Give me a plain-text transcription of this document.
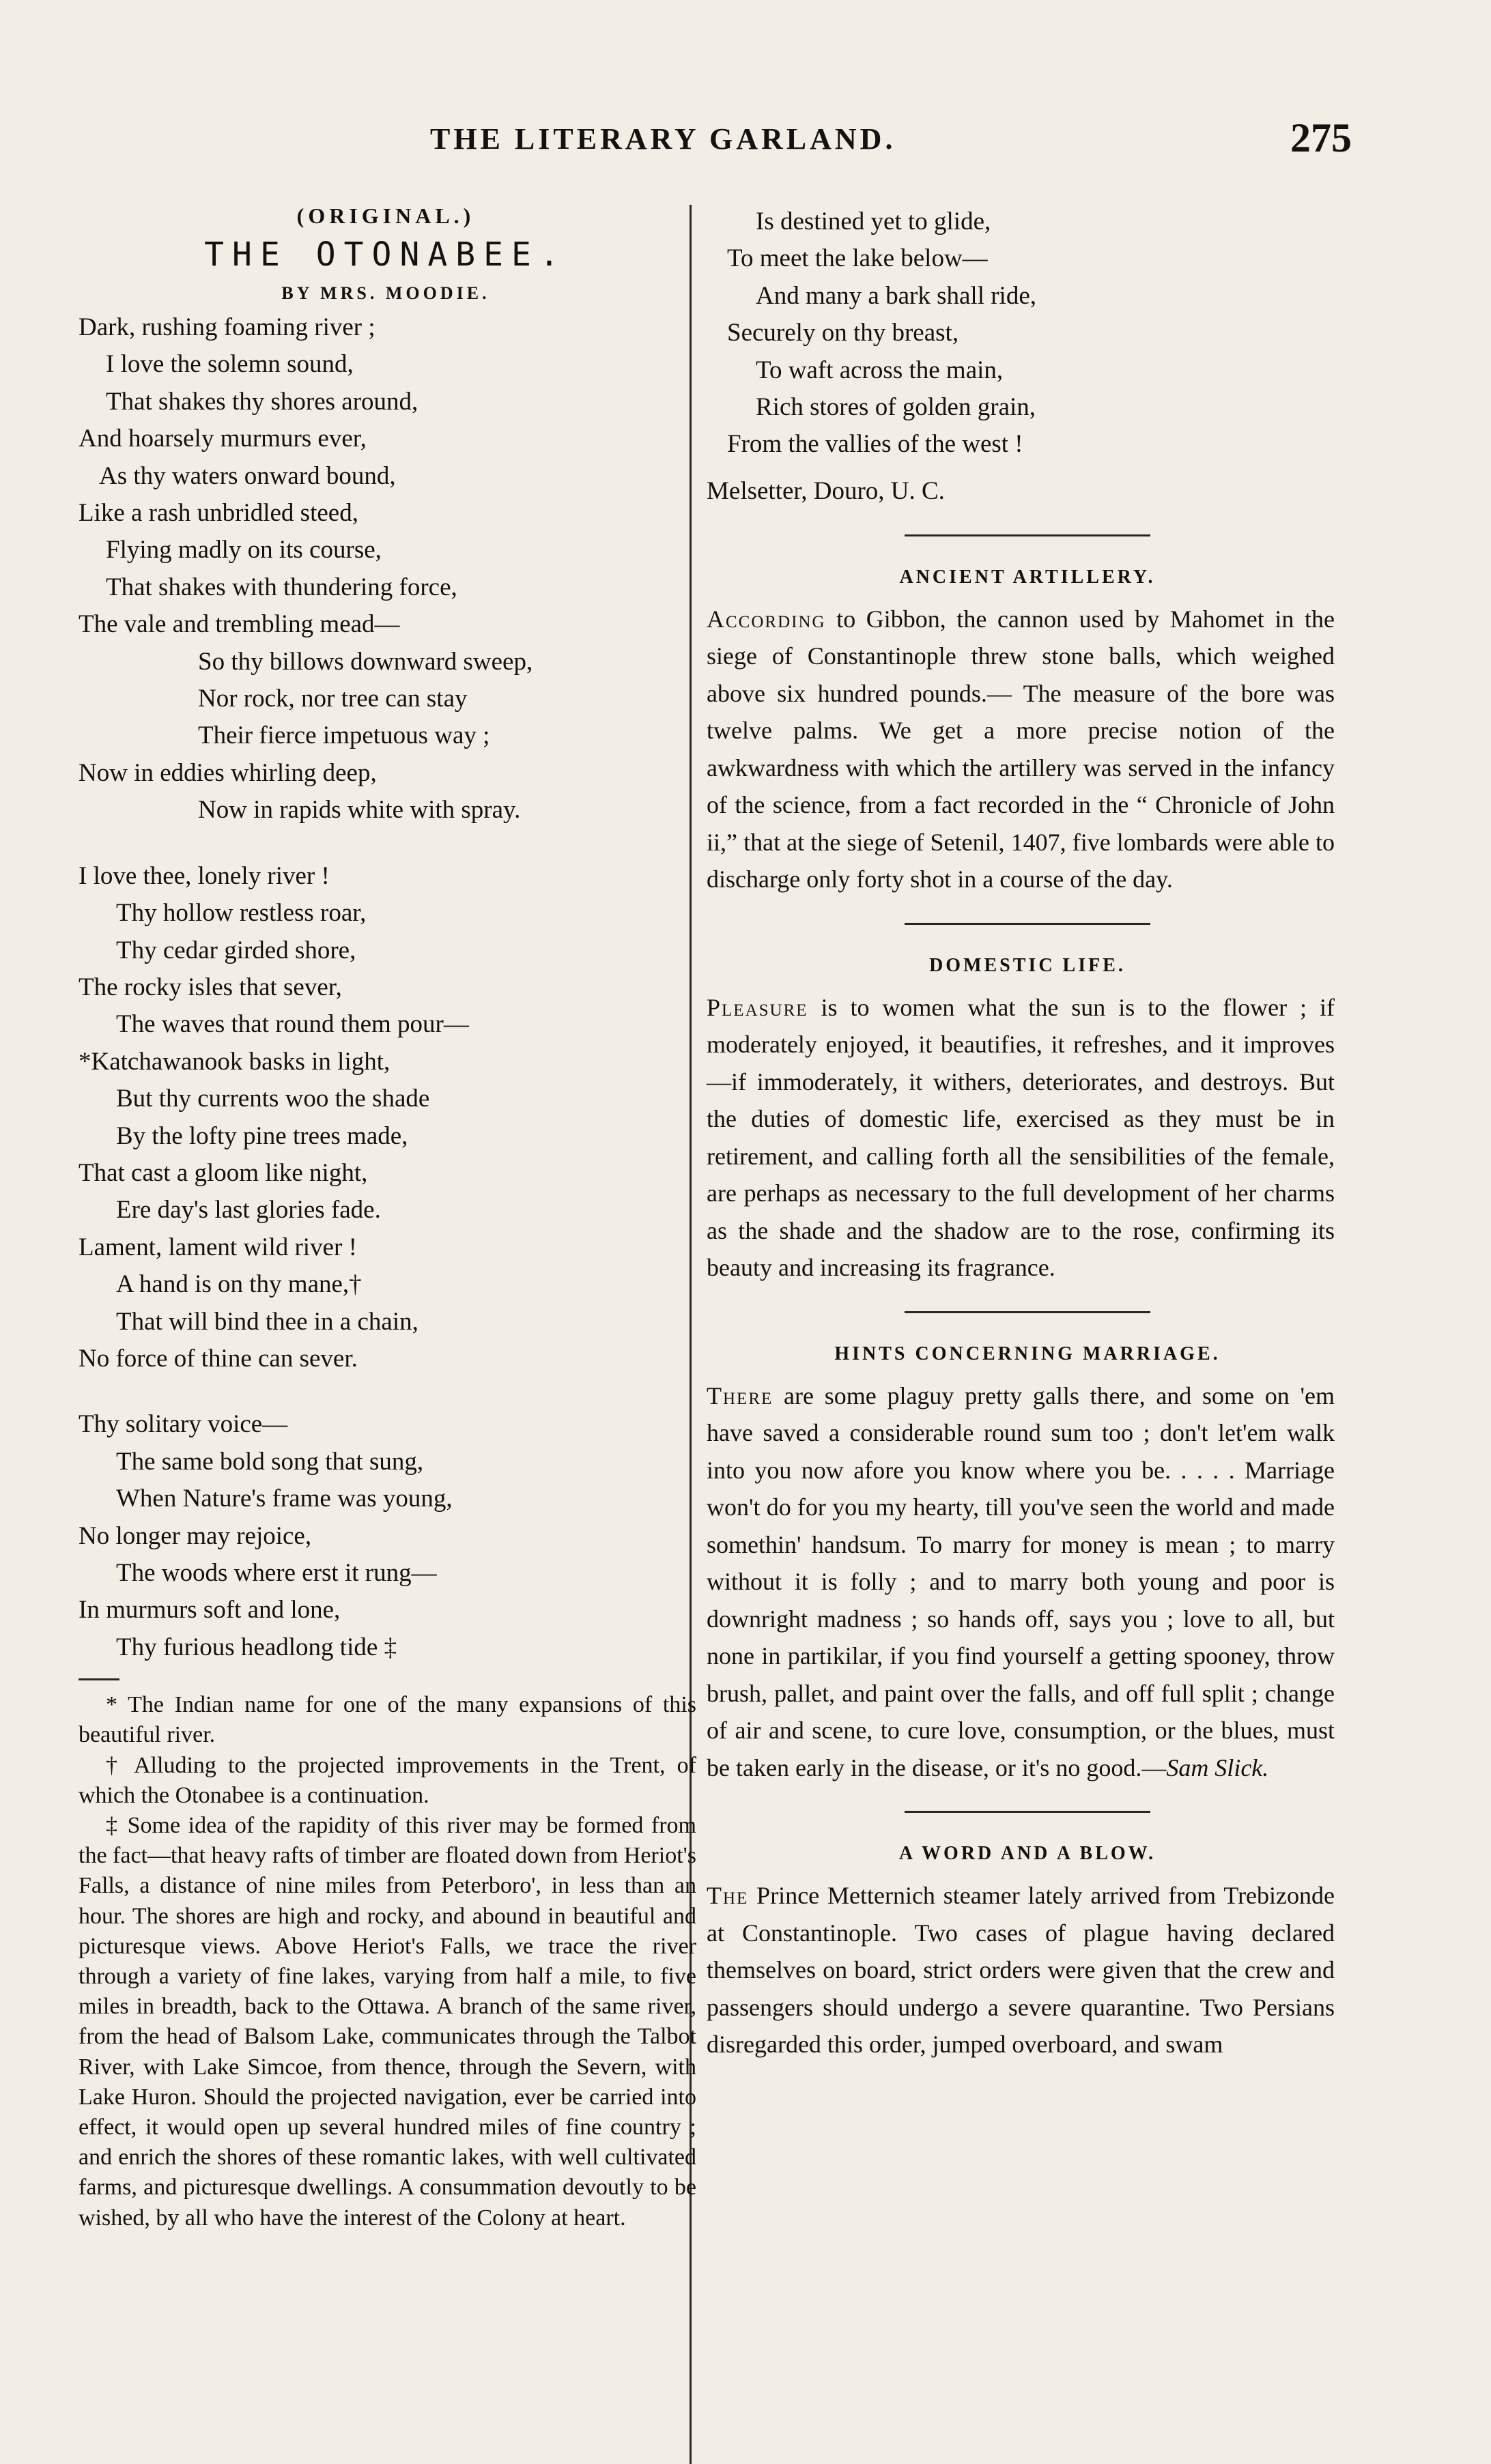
THE LITERARY GARLAND.	275
(ORIGINAL.)
THE OTONABEE.
BY MRS. MOODIE.
Dark, rushing foaming river ;
I love the solemn sound,
That shakes thy shores around,
And hoarsely murmurs ever,
As thy waters onward bound,
Like a rash unbridled steed,
Flying madly on its course,
That shakes with thundering force,
The vale and trembling mead—
So thy billows downward sweep,
Nor rock, nor tree can stay
Their fierce impetuous way ;
Now in eddies whirling deep,
Now in rapids white with spray.
I love thee, lonely river !
Thy hollow restless roar,
Thy cedar girded shore,
The rocky isles that sever,
The waves that round them pour—
*Katchawanook basks in light,
But thy currents woo the shade
By the lofty pine trees made,
That cast a gloom like night,
Ere day's last glories fade.
Lament, lament wild river !
A hand is on thy mane,†
That will bind thee in a chain,
No force of thine can sever.
Thy solitary voice—
The same bold song that sung,
When Nature's frame was young,
No longer may rejoice,
The woods where erst it rung—
In murmurs soft and lone,
Thy furious headlong tide ‡
* The Indian name for one of the many expansions of this beautiful river.
† Alluding to the projected improvements in the Trent, of which the Otonabee is a continuation.
‡ Some idea of the rapidity of this river may be formed from the fact—that heavy rafts of timber are floated down from Heriot's Falls, a distance of nine miles from Peterboro', in less than an hour. The shores are high and rocky, and abound in beautiful and picturesque views. Above Heriot's Falls, we trace the river through a variety of fine lakes, varying from half a mile, to five miles in breadth, back to the Ottawa. A branch of the same river, from the head of Balsom Lake, communicates through the Talbot River, with Lake Simcoe, from thence, through the Severn, with Lake Huron. Should the projected navigation, ever be carried into effect, it would open up several hundred miles of fine country ; and enrich the shores of these romantic lakes, with well cultivated farms, and picturesque dwellings. A consummation devoutly to be wished, by all who have the interest of the Colony at heart.
Is destined yet to glide,
To meet the lake below—
And many a bark shall ride,
Securely on thy breast,
To waft across the main,
Rich stores of golden grain,
From the vallies of the west !
Melsetter, Douro, U. C.
ANCIENT ARTILLERY.
According to Gibbon, the cannon used by Mahomet in the siege of Constantinople threw stone balls, which weighed above six hundred pounds.— The measure of the bore was twelve palms. We get a more precise notion of the awkwardness with which the artillery was served in the infancy of the science, from a fact recorded in the “ Chronicle of John ii,” that at the siege of Setenil, 1407, five lombards were able to discharge only forty shot in a course of the day.
DOMESTIC LIFE.
Pleasure is to women what the sun is to the flower ; if moderately enjoyed, it beautifies, it refreshes, and it improves—if immoderately, it withers, deteriorates, and destroys. But the duties of domestic life, exercised as they must be in retirement, and calling forth all the sensibilities of the female, are perhaps as necessary to the full development of her charms as the shade and the shadow are to the rose, confirming its beauty and increasing its fragrance.
HINTS CONCERNING MARRIAGE.
There are some plaguy pretty galls there, and some on 'em have saved a considerable round sum too ; don't let'em walk into you now afore you know where you be. . . . . Marriage won't do for you my hearty, till you've seen the world and made somethin' handsum. To marry for money is mean ; to marry without it is folly ; and to marry both young and poor is downright madness ; so hands off, says you ; love to all, but none in partikilar, if you find yourself a getting spooney, throw brush, pallet, and paint over the falls, and off full split ; change of air and scene, to cure love, consumption, or the blues, must be taken early in the disease, or it's no good.—Sam Slick.
A WORD AND A BLOW.
The Prince Metternich steamer lately arrived from Trebizonde at Constantinople. Two cases of plague having declared themselves on board, strict orders were given that the crew and passengers should undergo a severe quarantine. Two Persians disregarded this order, jumped overboard, and swam
